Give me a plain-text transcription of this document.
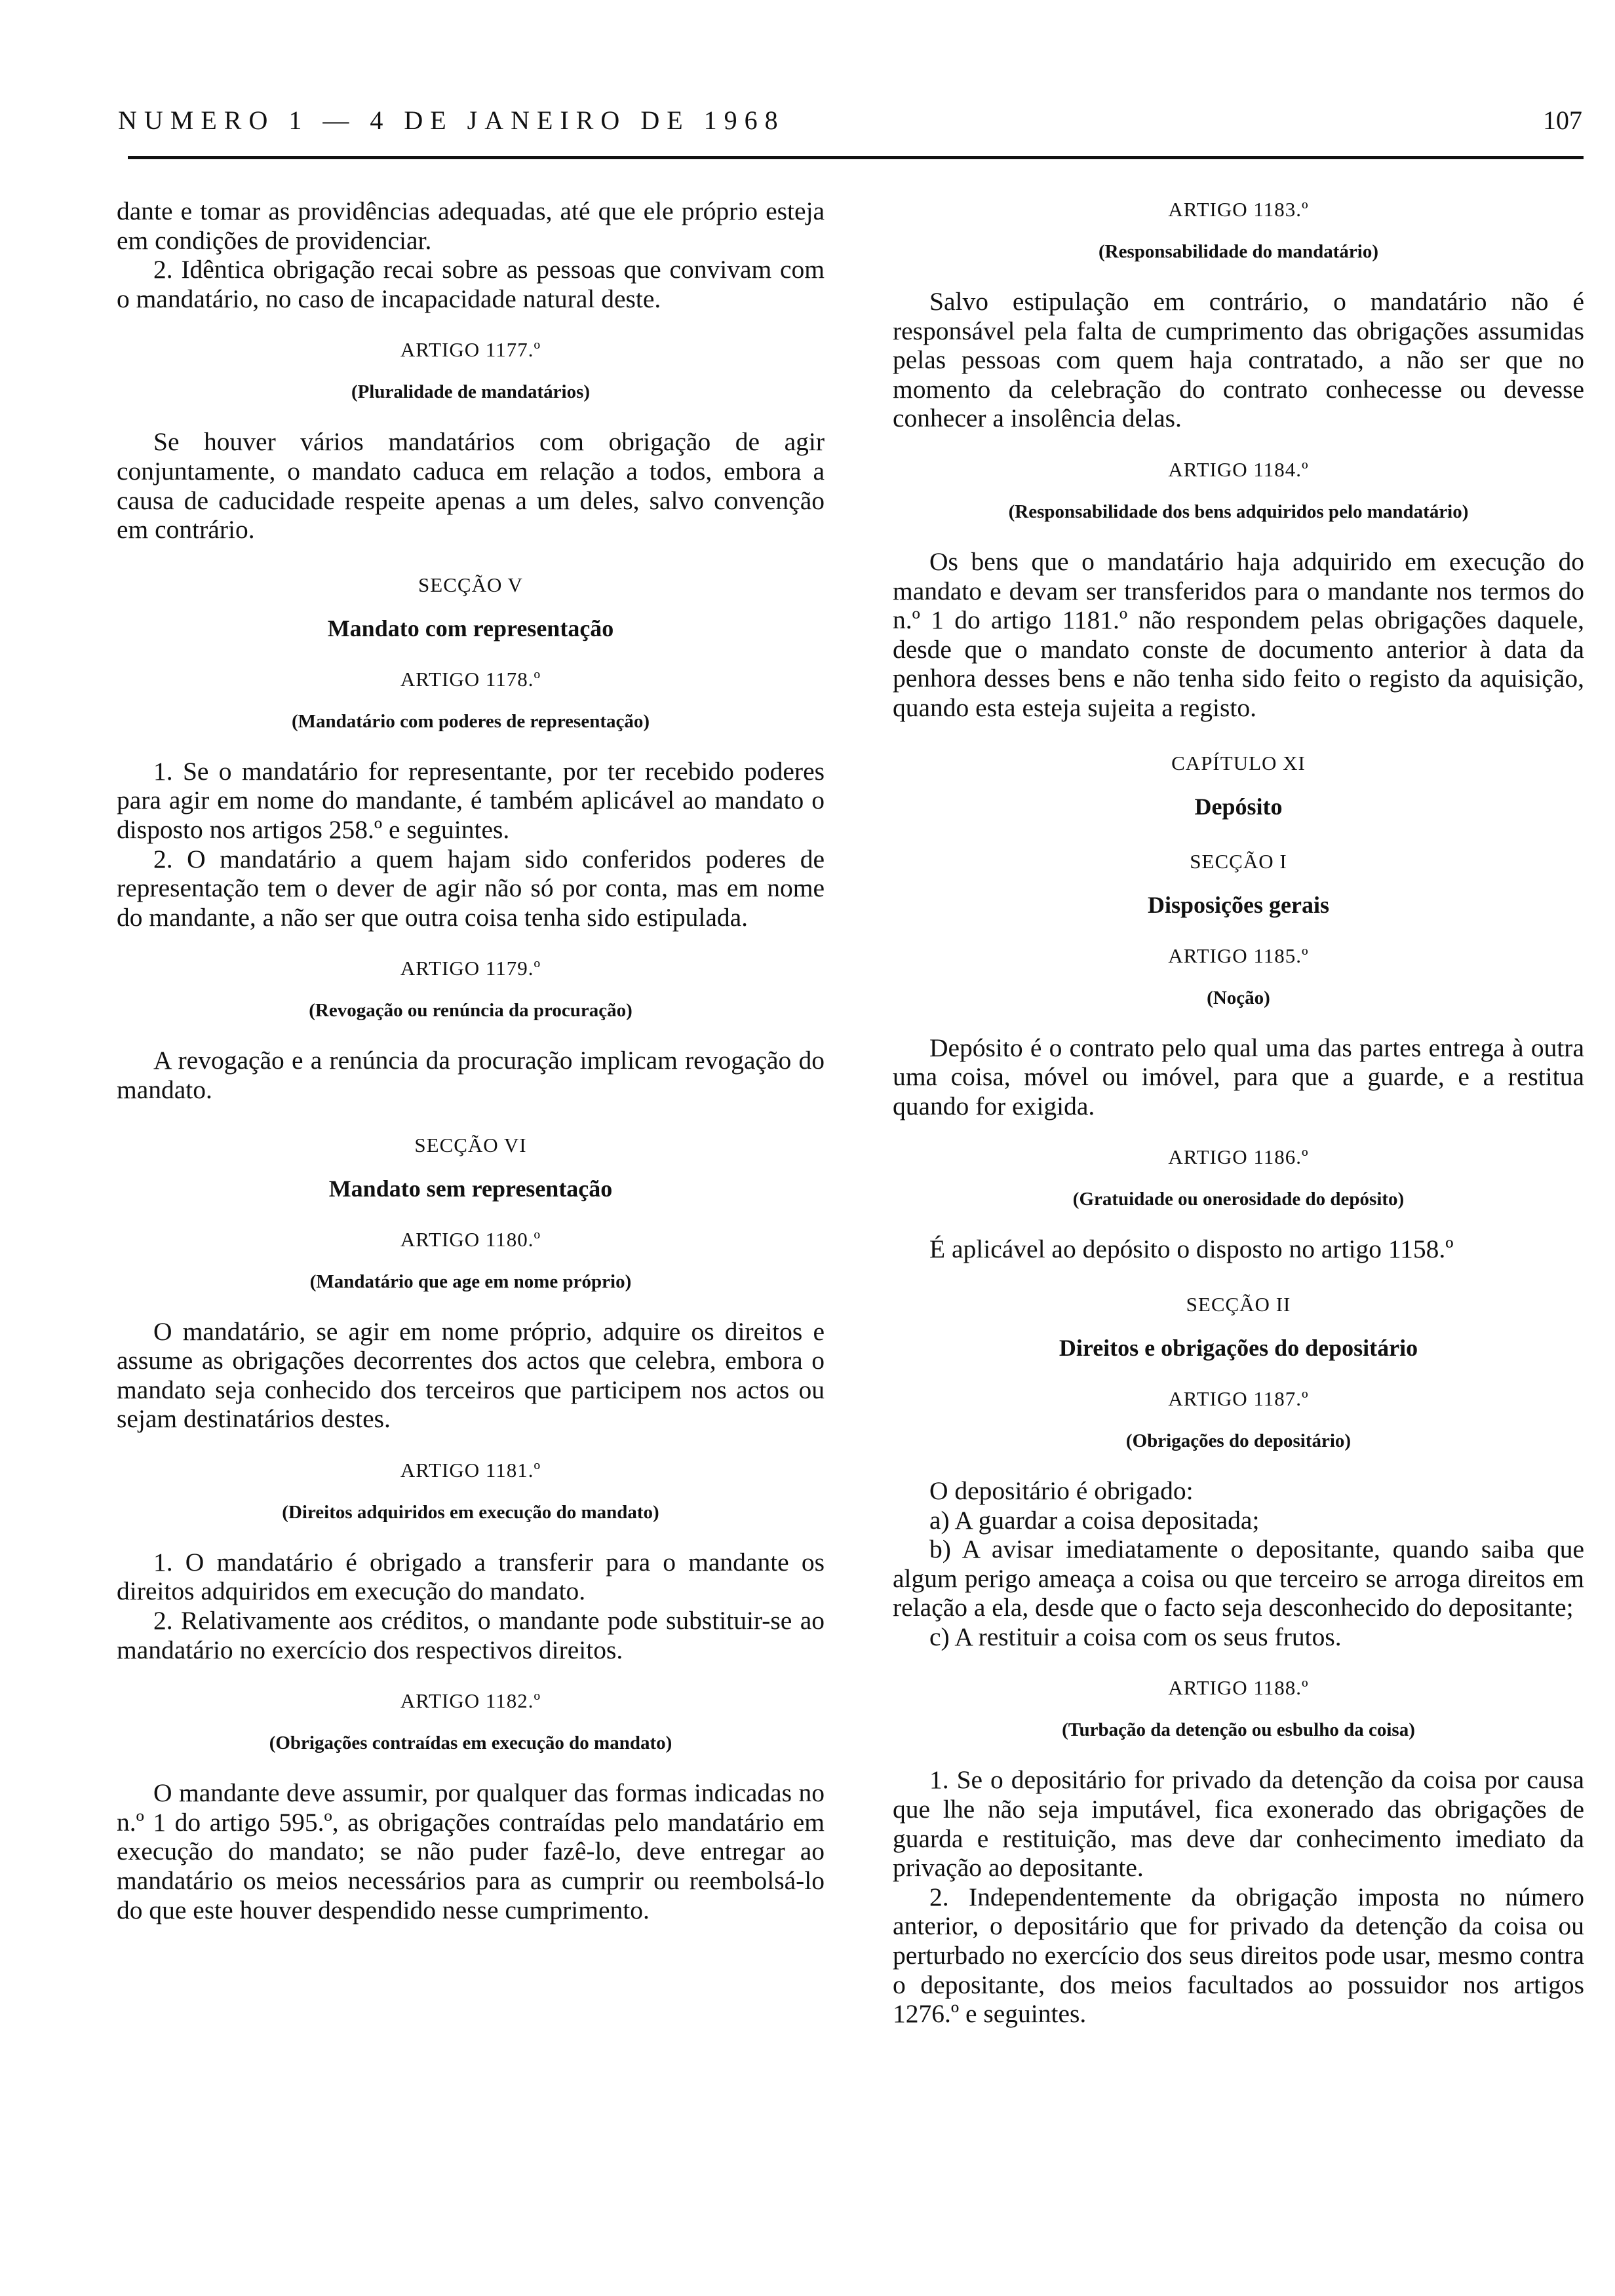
NUMERO 1 — 4 DE JANEIRO DE 1968	107

dante e tomar as providências adequadas, até que ele próprio esteja em condições de providenciar.

2. Idêntica obrigação recai sobre as pessoas que convivam com o mandatário, no caso de incapacidade natural deste.

ARTIGO 1177.º
(Pluralidade de mandatários)

Se houver vários mandatários com obrigação de agir conjuntamente, o mandato caduca em relação a todos, embora a causa de caducidade respeite apenas a um deles, salvo convenção em contrário.

SECÇÃO V
Mandato com representação
ARTIGO 1178.º
(Mandatário com poderes de representação)

1. Se o mandatário for representante, por ter recebido poderes para agir em nome do mandante, é também aplicável ao mandato o disposto nos artigos 258.º e seguintes.

2. O mandatário a quem hajam sido conferidos poderes de representação tem o dever de agir não só por conta, mas em nome do mandante, a não ser que outra coisa tenha sido estipulada.

ARTIGO 1179.º
(Revogação ou renúncia da procuração)

A revogação e a renúncia da procuração implicam revogação do mandato.

SECÇÃO VI
Mandato sem representação
ARTIGO 1180.º
(Mandatário que age em nome próprio)

O mandatário, se agir em nome próprio, adquire os direitos e assume as obrigações decorrentes dos actos que celebra, embora o mandato seja conhecido dos terceiros que participem nos actos ou sejam destinatários destes.

ARTIGO 1181.º
(Direitos adquiridos em execução do mandato)

1. O mandatário é obrigado a transferir para o mandante os direitos adquiridos em execução do mandato.

2. Relativamente aos créditos, o mandante pode substituir-se ao mandatário no exercício dos respectivos direitos.

ARTIGO 1182.º
(Obrigações contraídas em execução do mandato)

O mandante deve assumir, por qualquer das formas indicadas no n.º 1 do artigo 595.º, as obrigações contraídas pelo mandatário em execução do mandato; se não puder fazê-lo, deve entregar ao mandatário os meios necessários para as cumprir ou reembolsá-lo do que este houver despendido nesse cumprimento.

ARTIGO 1183.º
(Responsabilidade do mandatário)

Salvo estipulação em contrário, o mandatário não é responsável pela falta de cumprimento das obrigações assumidas pelas pessoas com quem haja contratado, a não ser que no momento da celebração do contrato conhecesse ou devesse conhecer a insolência delas.

ARTIGO 1184.º
(Responsabilidade dos bens adquiridos pelo mandatário)

Os bens que o mandatário haja adquirido em execução do mandato e devam ser transferidos para o mandante nos termos do n.º 1 do artigo 1181.º não respondem pelas obrigações daquele, desde que o mandato conste de documento anterior à data da penhora desses bens e não tenha sido feito o registo da aquisição, quando esta esteja sujeita a registo.

CAPÍTULO XI
Depósito
SECÇÃO I
Disposições gerais
ARTIGO 1185.º
(Noção)

Depósito é o contrato pelo qual uma das partes entrega à outra uma coisa, móvel ou imóvel, para que a guarde, e a restitua quando for exigida.

ARTIGO 1186.º
(Gratuidade ou onerosidade do depósito)

É aplicável ao depósito o disposto no artigo 1158.º

SECÇÃO II
Direitos e obrigações do depositário
ARTIGO 1187.º
(Obrigações do depositário)

O depositário é obrigado:

a) A guardar a coisa depositada;

b) A avisar imediatamente o depositante, quando saiba que algum perigo ameaça a coisa ou que terceiro se arroga direitos em relação a ela, desde que o facto seja desconhecido do depositante;

c) A restituir a coisa com os seus frutos.

ARTIGO 1188.º
(Turbação da detenção ou esbulho da coisa)

1. Se o depositário for privado da detenção da coisa por causa que lhe não seja imputável, fica exonerado das obrigações de guarda e restituição, mas deve dar conhecimento imediato da privação ao depositante.

2. Independentemente da obrigação imposta no número anterior, o depositário que for privado da detenção da coisa ou perturbado no exercício dos seus direitos pode usar, mesmo contra o depositante, dos meios facultados ao possuidor nos artigos 1276.º e seguintes.
